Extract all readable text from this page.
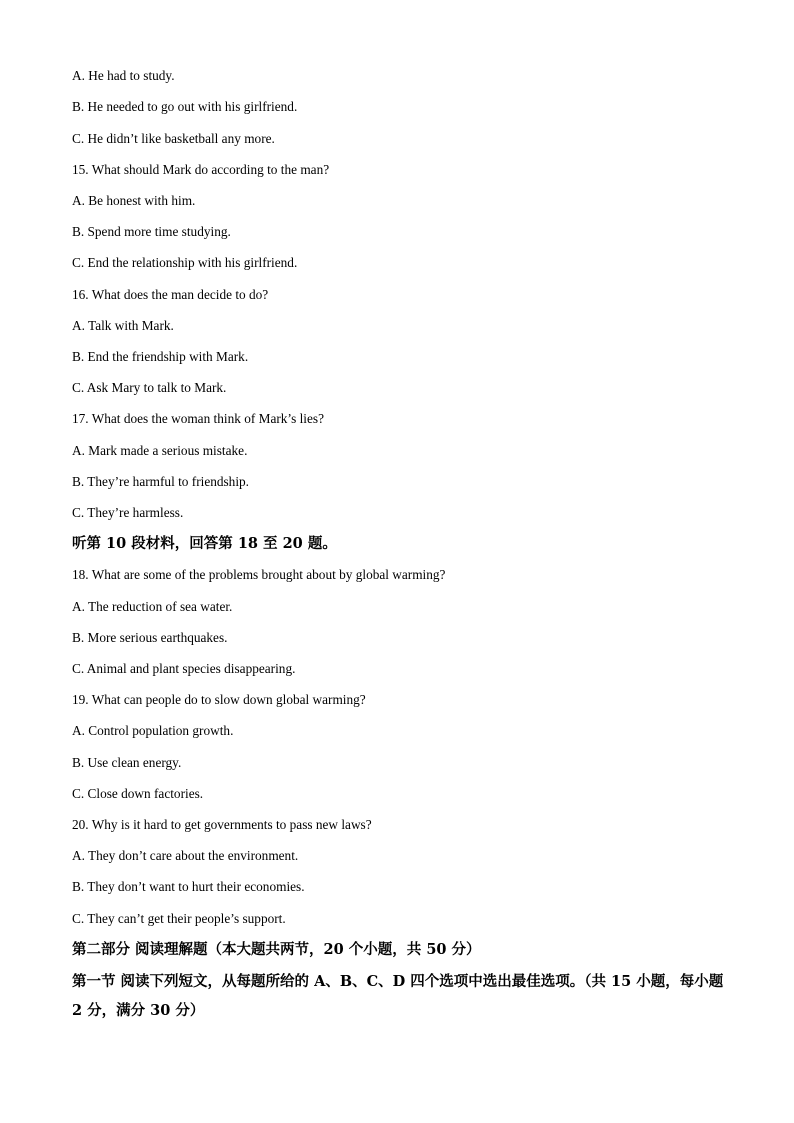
A. He had to study.
B. He needed to go out with his girlfriend.
C. He didn’t like basketball any more.
15. What should Mark do according to the man?
A. Be honest with him.
B. Spend more time studying.
C. End the relationship with his girlfriend.
16. What does the man decide to do?
A. Talk with Mark.
B. End the friendship with Mark.
C. Ask Mary to talk to Mark.
17. What does the woman think of Mark’s lies?
A. Mark made a serious mistake.
B. They’re harmful to friendship.
C. They’re harmless.
听第 10 段材料，回答第 18 至 20 题。
18. What are some of the problems brought about by global warming?
A. The reduction of sea water.
B. More serious earthquakes.
C. Animal and plant species disappearing.
19. What can people do to slow down global warming?
A. Control population growth.
B. Use clean energy.
C. Close down factories.
20. Why is it hard to get governments to pass new laws?
A. They don’t care about the environment.
B. They don’t want to hurt their economies.
C. They can’t get their people’s support.
第二部分 阅读理解题（本大题共两节，20 个小题，共 50 分）
第一节 阅读下列短文，从每题所给的 A、B、C、D 四个选项中选出最佳选项。（共 15 小题，每小题 2 分，满分 30 分）
